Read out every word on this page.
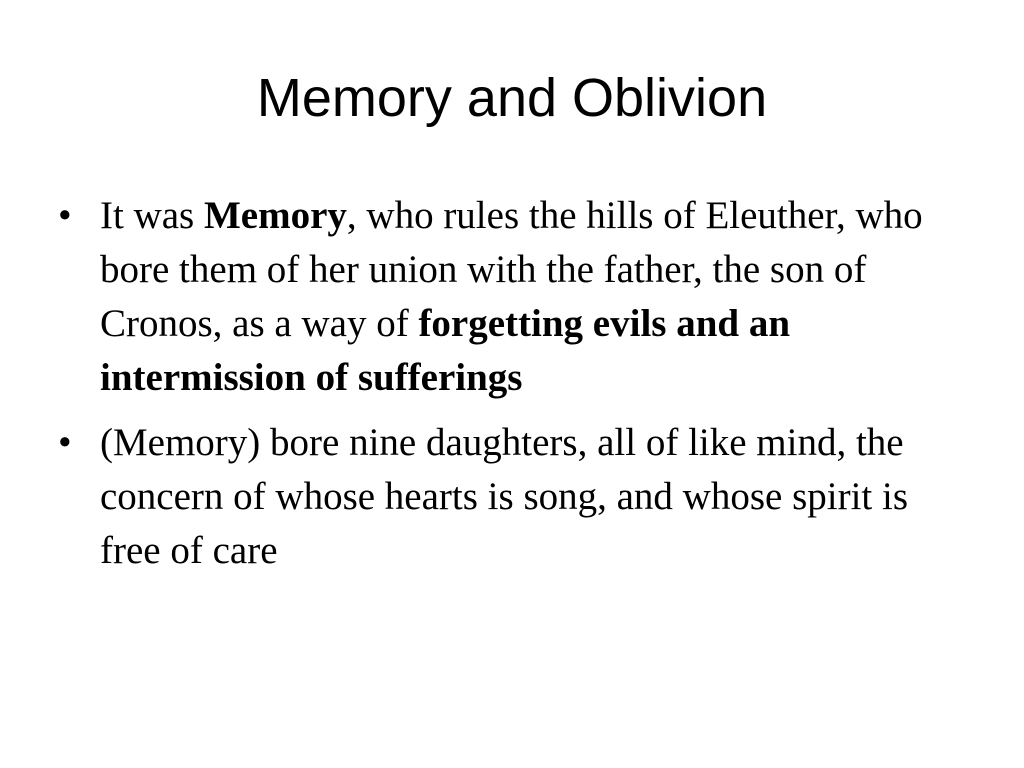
Memory and Oblivion
• It was Memory, who rules the hills of Eleuther, who bore them of her union with the father, the son of Cronos, as a way of forgetting evils and an intermission of sufferings
• (Memory) bore nine daughters, all of like mind, the concern of whose hearts is song, and whose spirit is free of care
